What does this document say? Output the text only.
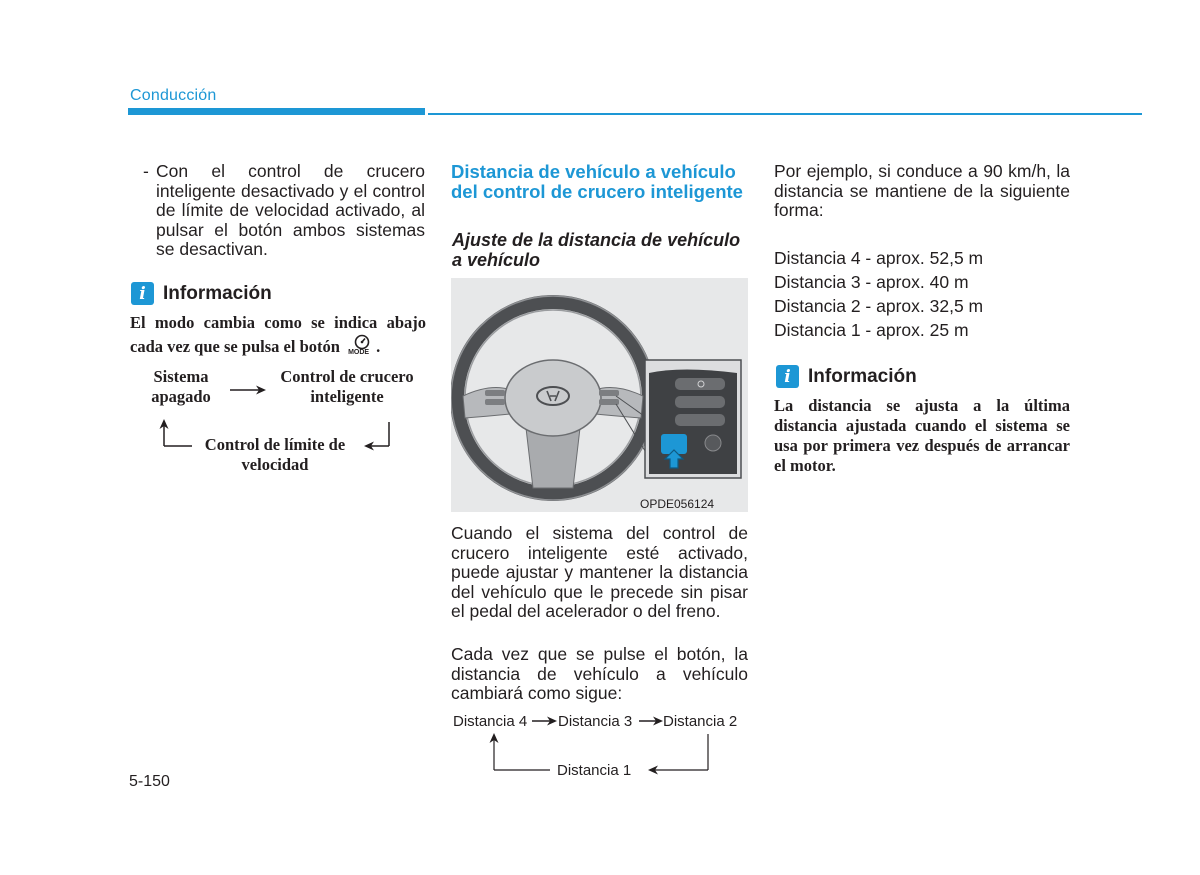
Conducción
- Con el control de crucero inteligente desactivado y el control de límite de velocidad activado, al pulsar el botón ambos sistemas se desactivan.
i Información
El modo cambia como se indica abajo cada vez que se pulsa el botón MODE .
Sistema apagado
Control de crucero inteligente
Control de límite de velocidad
Distancia de vehículo a vehículo del control de crucero inteligente
Ajuste de la distancia de vehículo a vehículo
OPDE056124
Cuando el sistema del control de crucero inteligente esté activado, puede ajustar y mantener la distancia del vehículo que le precede sin pisar el pedal del acelerador o del freno.
Cada vez que se pulse el botón, la distancia de vehículo a vehículo cambiará como sigue:
Distancia 4 Distancia 3 Distancia 2
Distancia 1
Por ejemplo, si conduce a 90 km/h, la distancia se mantiene de la siguiente forma:
Distancia 4 - aprox. 52,5 m
Distancia 3 - aprox. 40 m
Distancia 2 - aprox. 32,5 m
Distancia 1 - aprox. 25 m
i Información
La distancia se ajusta a la última distancia ajustada cuando el sistema se usa por primera vez después de arrancar el motor.
5-150
